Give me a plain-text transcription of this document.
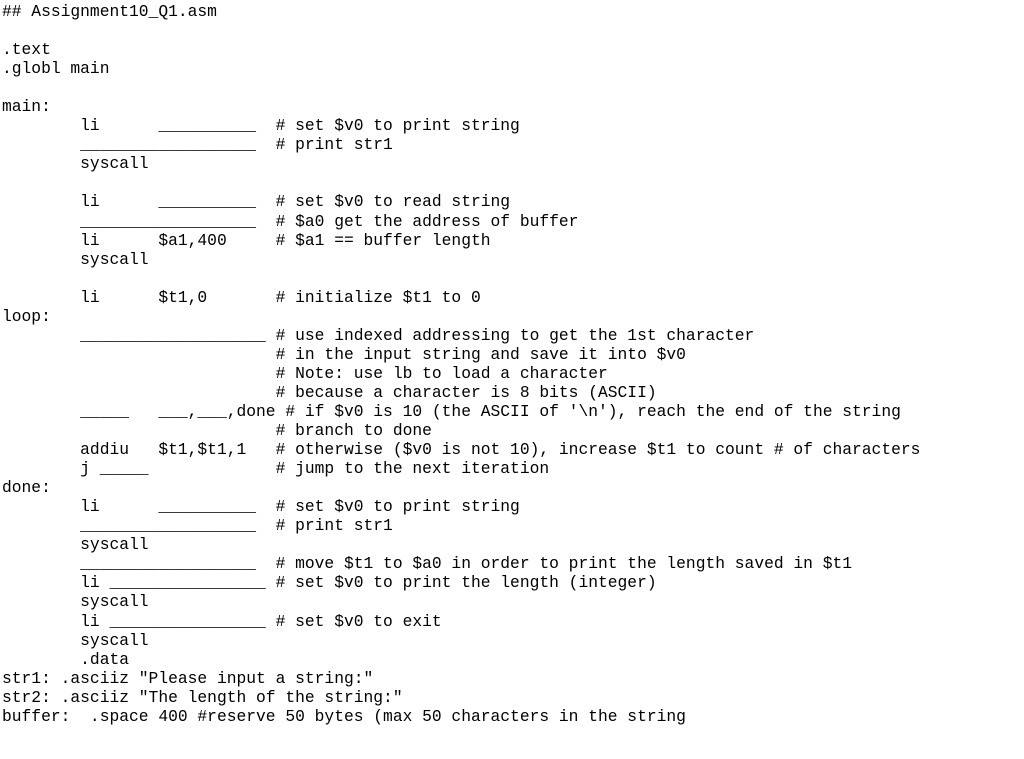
## Assignment10_Q1.asm
.text
.globl main
main:
li      __________  # set $v0 to print string
__________________  # print str1
syscall
li      __________  # set $v0 to read string
__________________  # $a0 get the address of buffer
li      $a1,400     # $a1 == buffer length
syscall
li      $t1,0       # initialize $t1 to 0
loop:
___________________ # use indexed addressing to get the 1st character
# in the input string and save it into $v0
# Note: use lb to load a character
# because a character is 8 bits (ASCII)
_____   ___,___,done # if $v0 is 10 (the ASCII of '\n'), reach the end of the string
# branch to done
addiu   $t1,$t1,1   # otherwise ($v0 is not 10), increase $t1 to count # of characters
j _____             # jump to the next iteration
done:
li      __________  # set $v0 to print string
__________________  # print str1
syscall
__________________  # move $t1 to $a0 in order to print the length saved in $t1
li ________________ # set $v0 to print the length (integer)
syscall
li ________________ # set $v0 to exit
syscall
.data
str1: .asciiz "Please input a string:"
str2: .asciiz "The length of the string:"
buffer:  .space 400 #reserve 50 bytes (max 50 characters in the string
